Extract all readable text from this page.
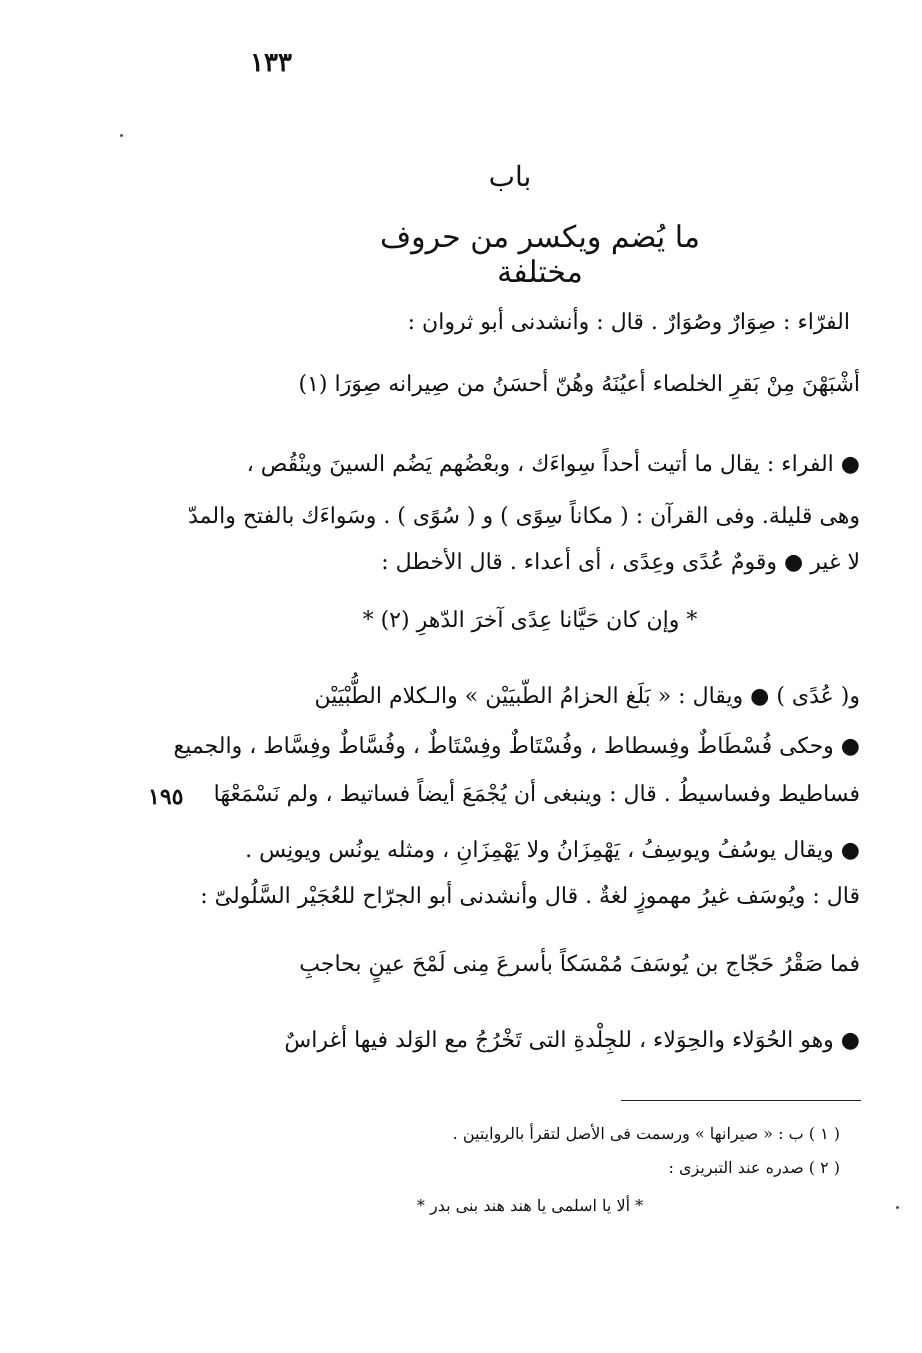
١٣٣
باب
ما يُضم ويكسر من حروف مختلفة
الفرّاء : صِوَارٌ وصُوَارٌ . قال : وأنشدنى أبو ثروان :
أشْبَهْنَ مِنْ بَقرِ الخلصاء أعيُنَهُ وهُنّ أحسَنُ من صِيرانه صِوَرَا (١)
● الفراء : يقال ما أتيت أحداً سِواءَك ، وبعْضُهم يَضُم السينَ وينْقُص ،
وهى قليلة. وفى القرآن : ( مكاناً سِوًى ) و ( سُوًى ) . وسَواءَك بالفتح والمدّ
لا غير ● وقومٌ عُدًى وعِدًى ، أى أعداء . قال الأخطل :
* وإن كان حَيَّانا عِدًى آخرَ الدّهرِ (٢) *
و( عُدًى ) ● ويقال : « بَلَغ الحزامُ الطّبيَيْن » والـكلام الطُّبْيَيْن
● وحكى فُسْطَاطٌ وفِسطاط ، وفُسْتَاطٌ وفِسْتَاطٌ ، وفُسَّاطٌ وفِسَّاط ، والجميع
فساطيط وفساسيطُ . قال : وينبغى أن يُجْمَعَ أيضاً فساتيط ، ولم نَسْمَعْهَا
١٩٥
● ويقال يوسُفُ ويوسِفُ ، يَهْمِزَانُ ولا يَهْمِزَانِ ، ومثله يونُس ويونِس .
قال : ويُوسَف غيرُ مهموزٍ لغةٌ . قال وأنشدنى أبو الجرّاح للعُجَيْر السَّلُولىّ :
فما صَقْرُ حَجّاج بن يُوسَفَ مُمْسَكاً بأسرعَ مِنى لَمْحَ عينٍ بحاجبِ
● وهو الحُوَلاء والحِوَلاء ، للجِلْدةِ التى تَخْرُجُ مع الوَلد فيها أغراسٌ
( ١ ) ب : « صيرانها » ورسمت فى الأصل لتقرأ بالروايتين .
( ٢ ) صدره عند التبريزى :
* ألا يا اسلمى يا هند هند بنى بدر *
